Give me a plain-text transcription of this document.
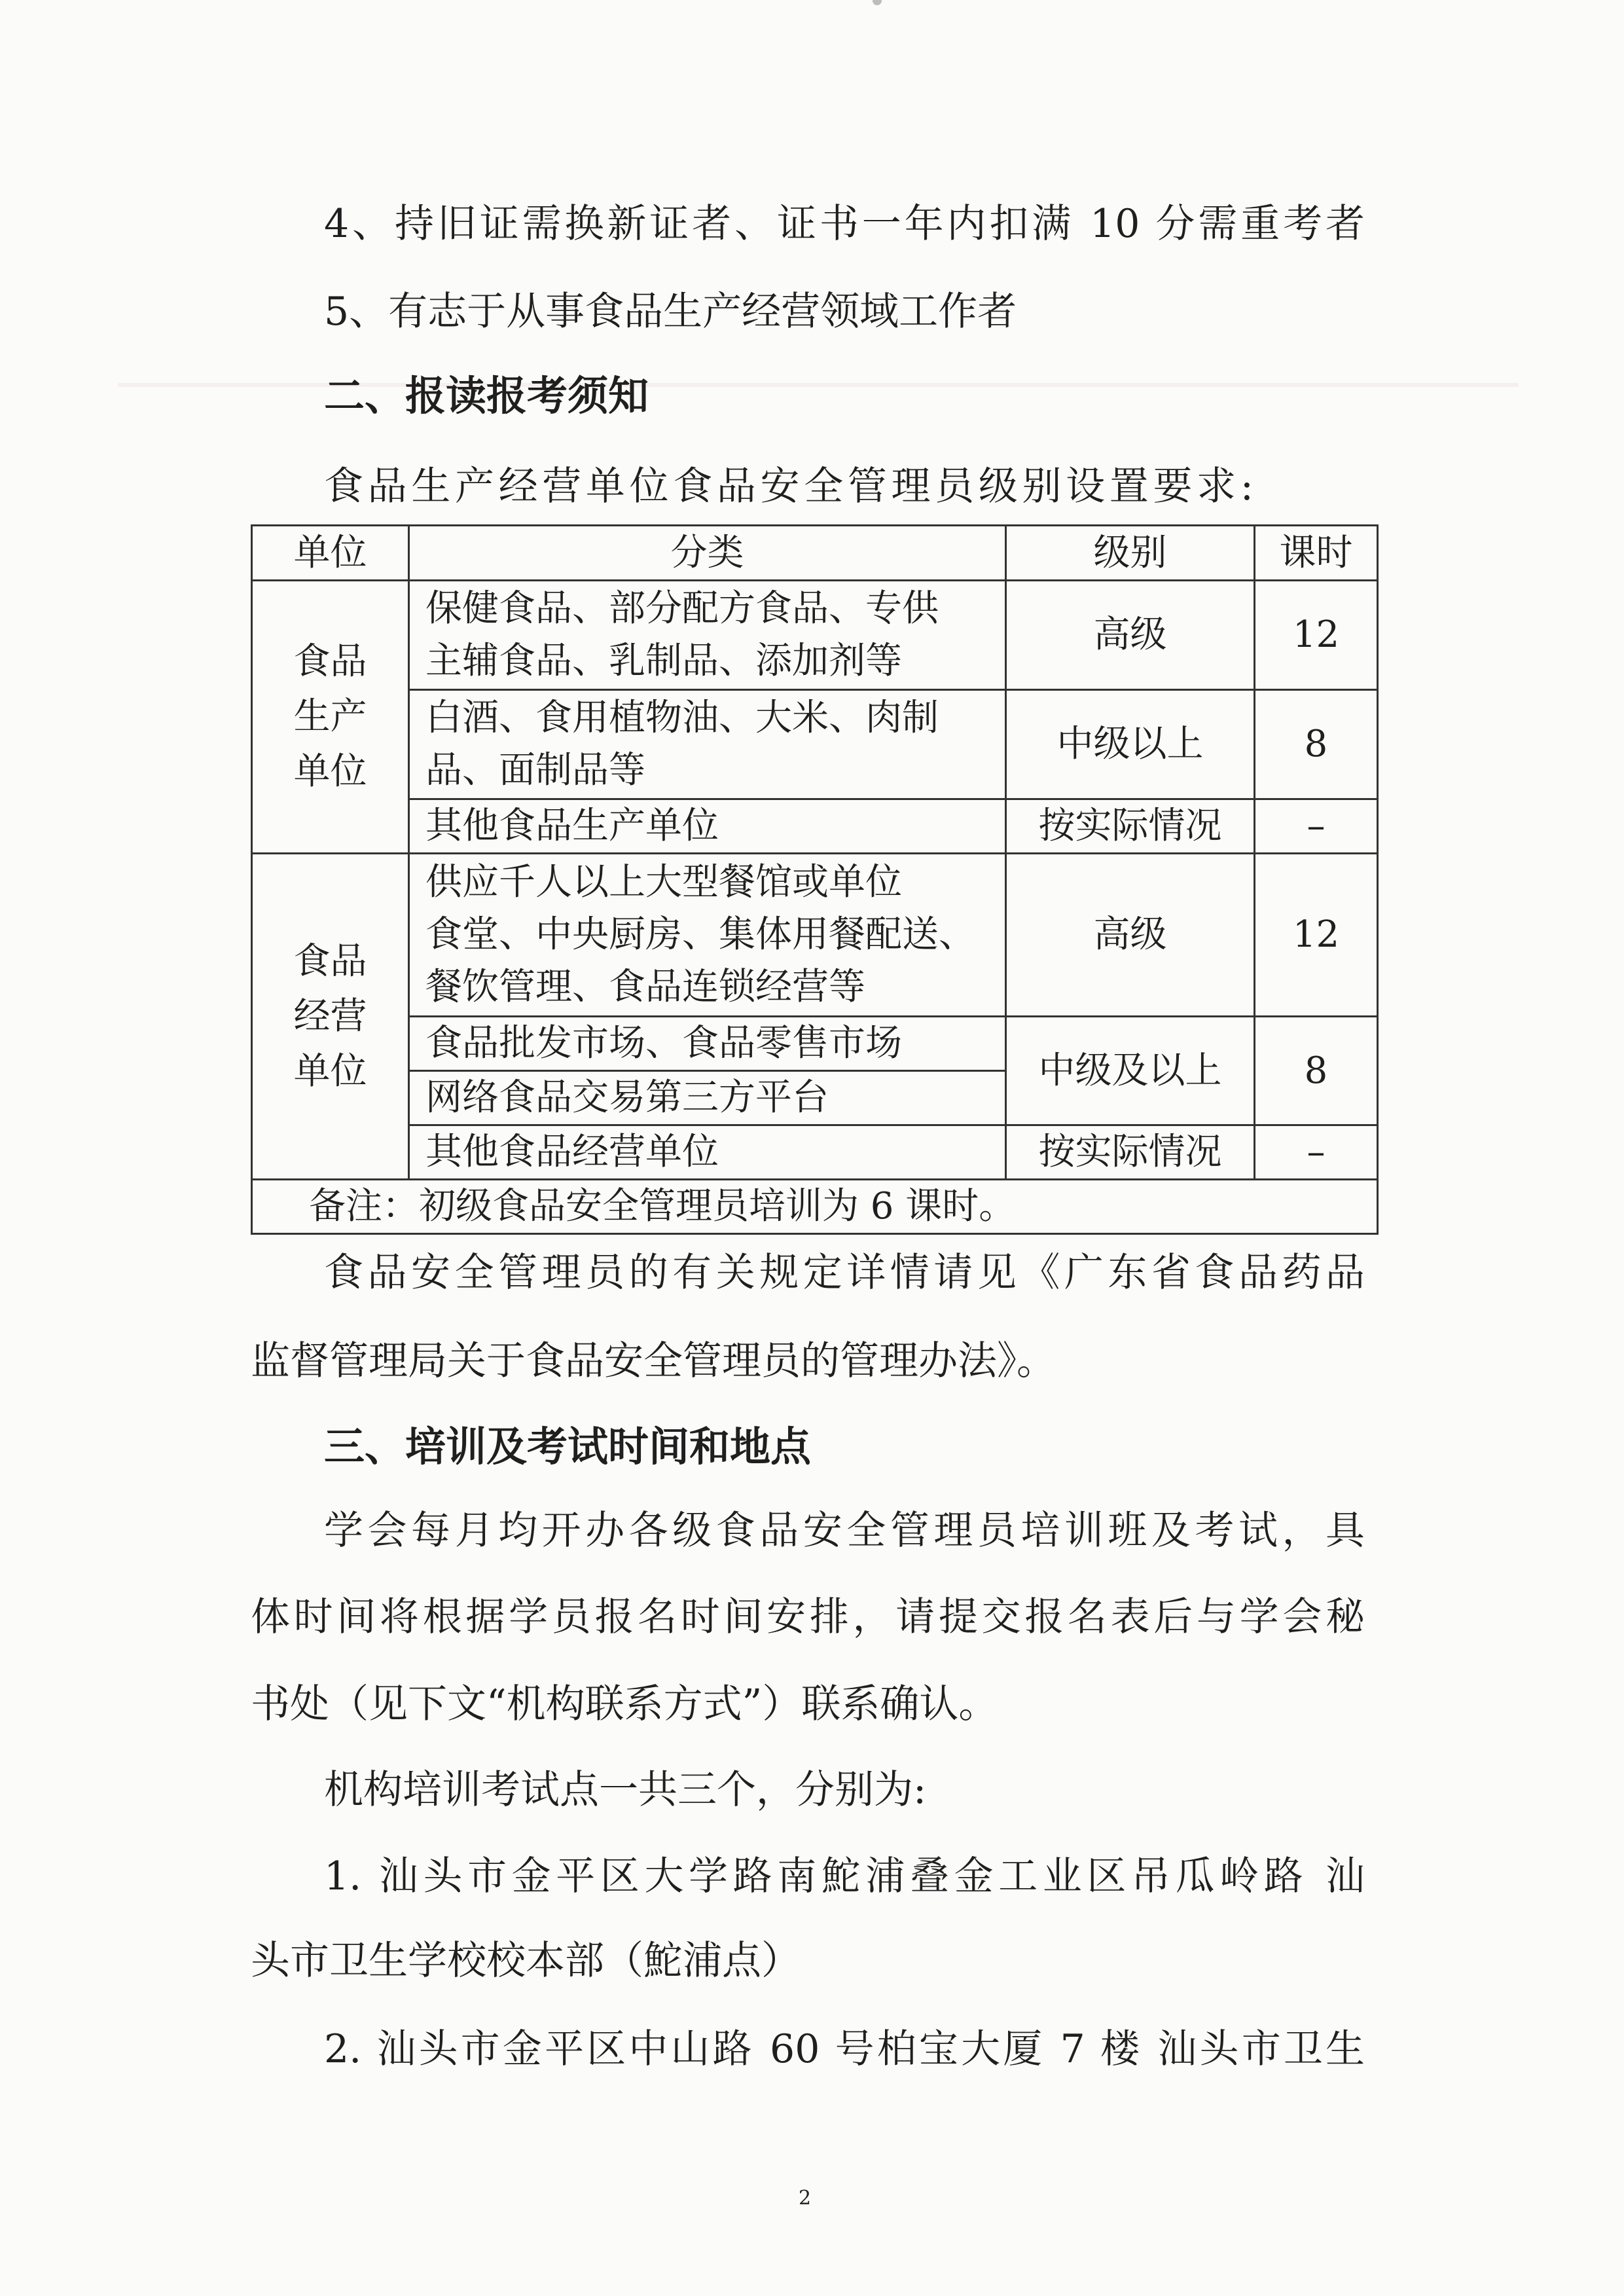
4、持旧证需换新证者、证书一年内扣满 10 分需重考者
5、有志于从事食品生产经营领域工作者
二、报读报考须知
食品生产经营单位食品安全管理员级别设置要求:
单位	分类	级别	课时
食品
生产
单位	保健食品、部分配方食品、专供
主辅食品、乳制品、添加剂等	高级	12
	白酒、食用植物油、大米、肉制
品、面制品等	中级以上	8
	其他食品生产单位	按实际情况	–
食品
经营
单位	供应千人以上大型餐馆或单位
食堂、中央厨房、集体用餐配送、
餐饮管理、食品连锁经营等	高级	12
	食品批发市场、食品零售市场	中级及以上	8
	网络食品交易第三方平台		
	其他食品经营单位	按实际情况	–
备注：初级食品安全管理员培训为 6 课时。			
食品安全管理员的有关规定详情请见《广东省食品药品
监督管理局关于食品安全管理员的管理办法》。
三、培训及考试时间和地点
学会每月均开办各级食品安全管理员培训班及考试，具
体时间将根据学员报名时间安排，请提交报名表后与学会秘
书处（见下文“机构联系方式”）联系确认。
机构培训考试点一共三个，分别为:
1. 汕头市金平区大学路南鮀浦叠金工业区吊瓜岭路 汕
头市卫生学校校本部（鮀浦点）
2. 汕头市金平区中山路 60 号柏宝大厦 7 楼 汕头市卫生
2
